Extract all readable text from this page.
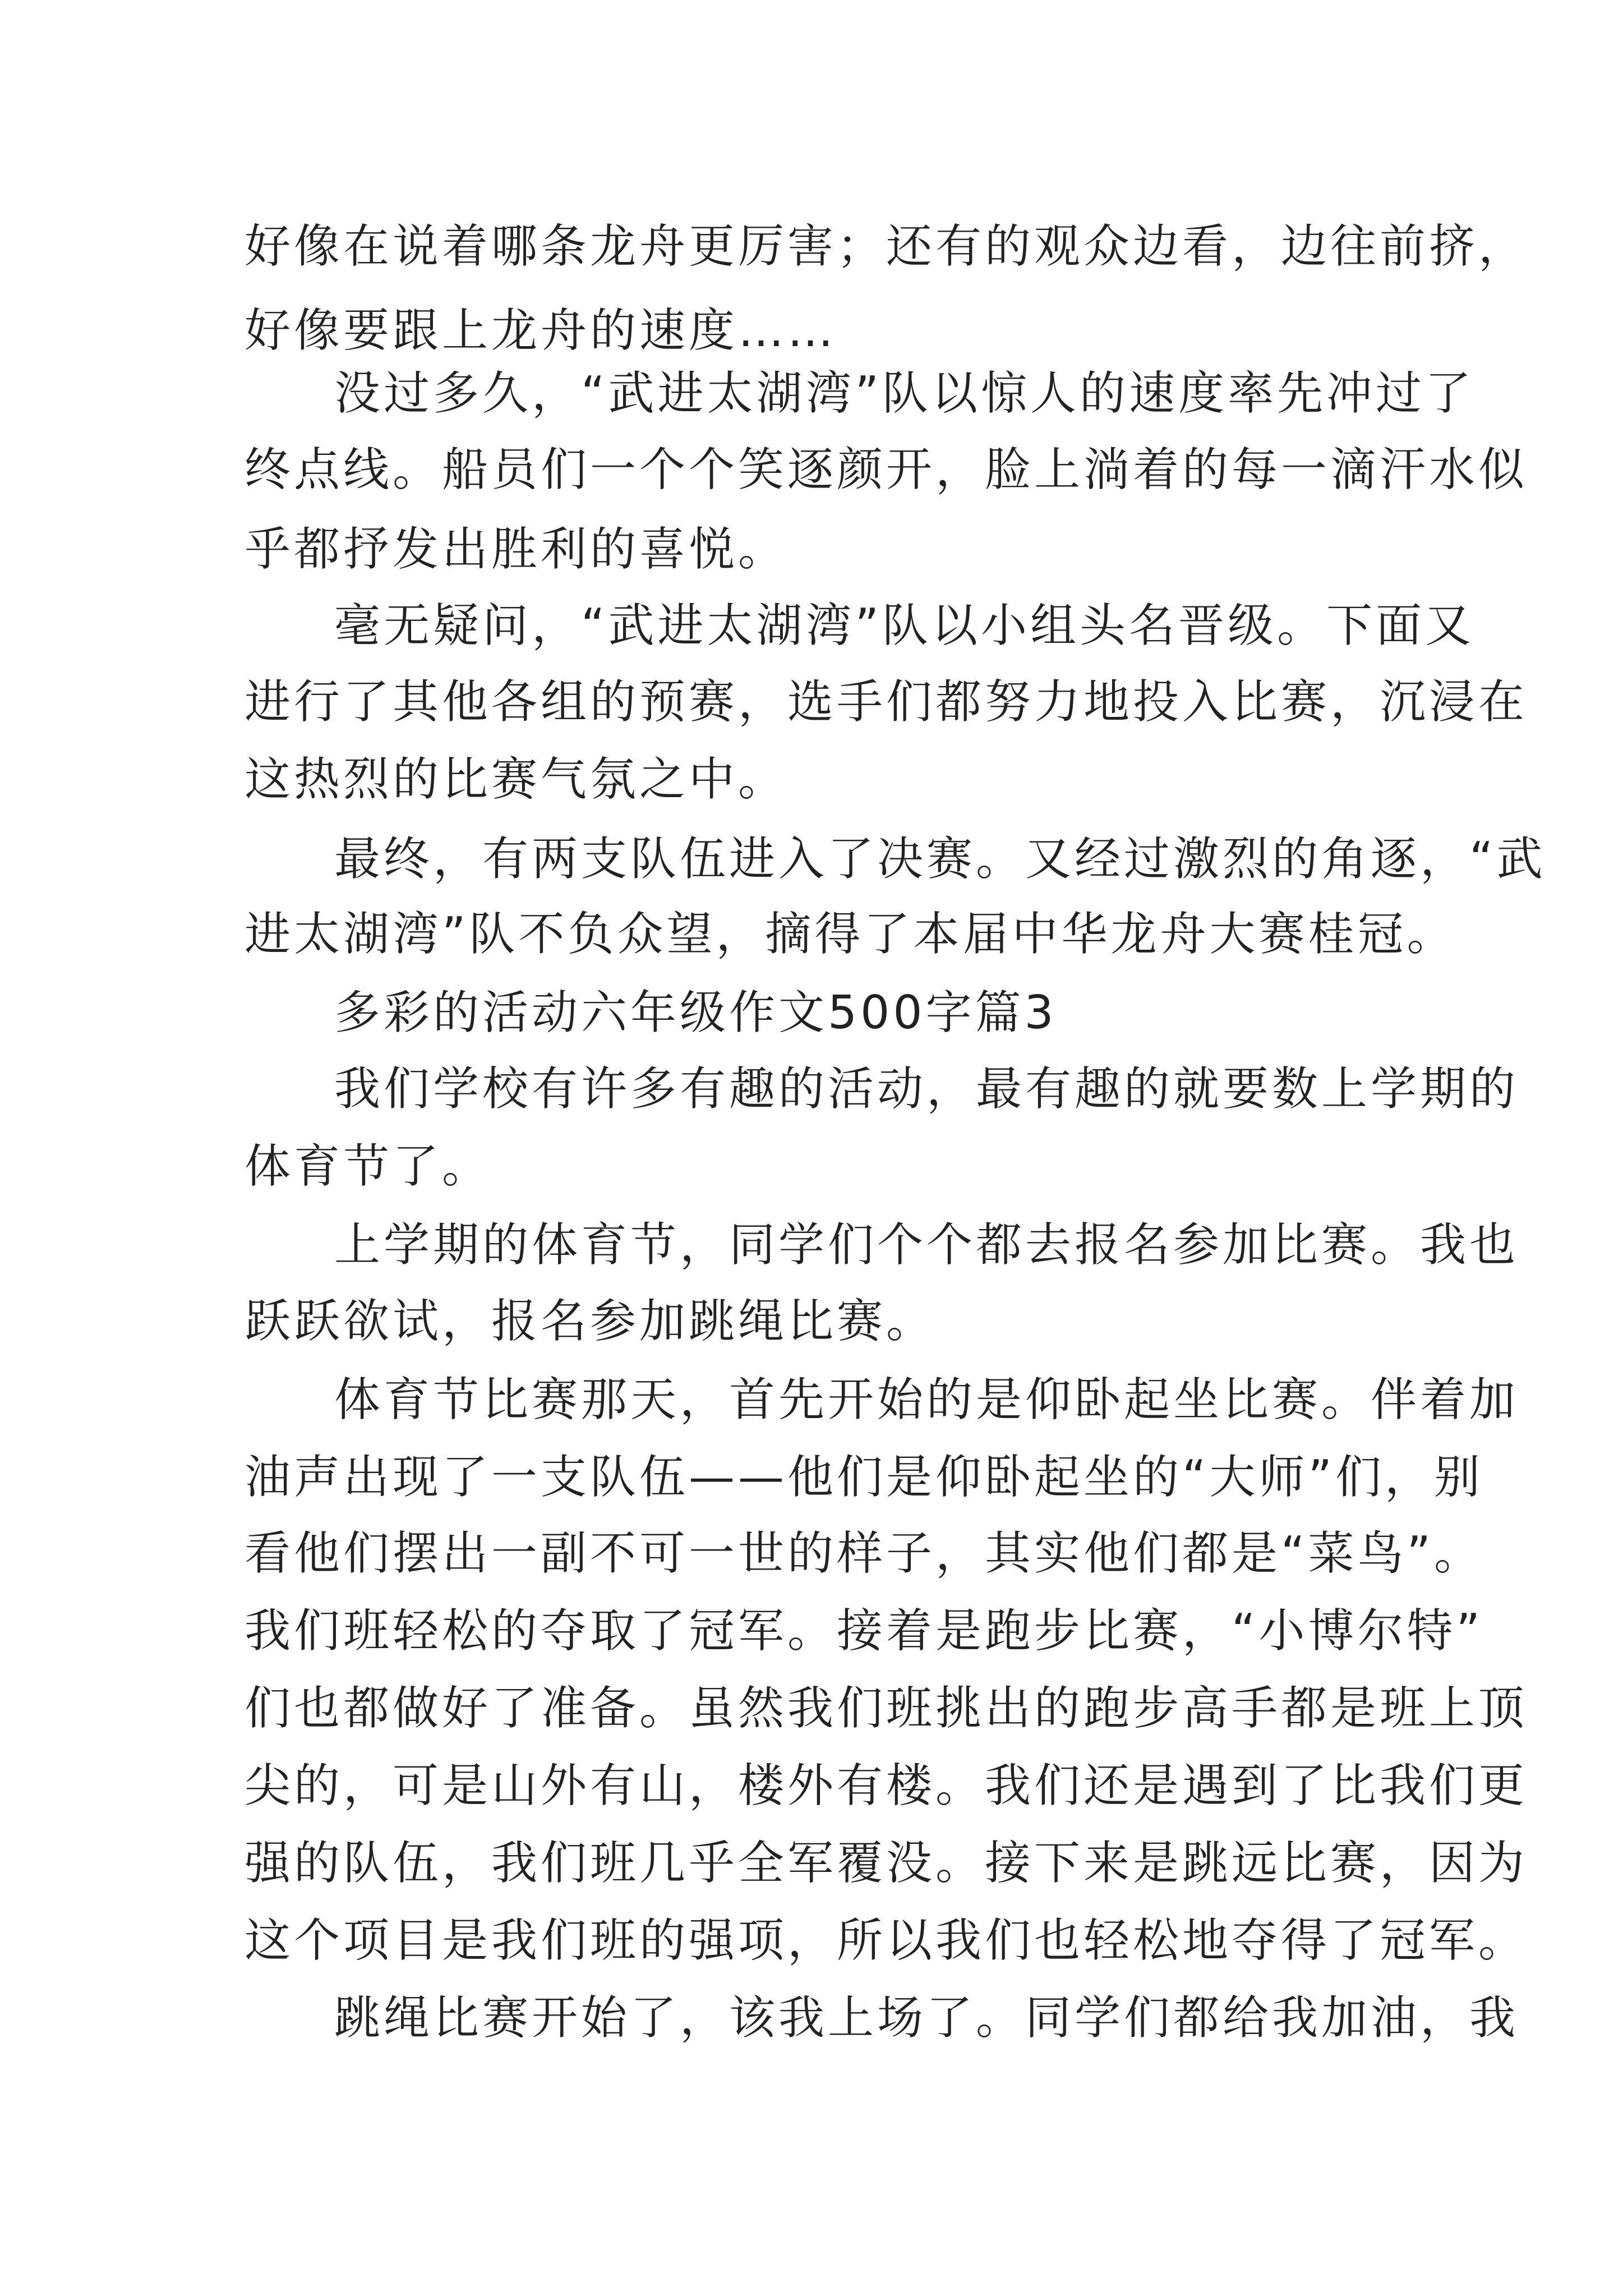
好像在说着哪条龙舟更厉害；还有的观众边看，边往前挤，
好像要跟上龙舟的速度……
没过多久，“武进太湖湾”队以惊人的速度率先冲过了
终点线。船员们一个个笑逐颜开，脸上淌着的每一滴汗水似
乎都抒发出胜利的喜悦。
毫无疑问，“武进太湖湾”队以小组头名晋级。下面又
进行了其他各组的预赛，选手们都努力地投入比赛，沉浸在
这热烈的比赛气氛之中。
最终，有两支队伍进入了决赛。又经过激烈的角逐，“武
进太湖湾”队不负众望，摘得了本届中华龙舟大赛桂冠。
多彩的活动六年级作文500字篇3
我们学校有许多有趣的活动，最有趣的就要数上学期的
体育节了。
上学期的体育节，同学们个个都去报名参加比赛。我也
跃跃欲试，报名参加跳绳比赛。
体育节比赛那天，首先开始的是仰卧起坐比赛。伴着加
油声出现了一支队伍——他们是仰卧起坐的“大师”们，别
看他们摆出一副不可一世的样子，其实他们都是“菜鸟”。
我们班轻松的夺取了冠军。接着是跑步比赛，“小博尔特”
们也都做好了准备。虽然我们班挑出的跑步高手都是班上顶
尖的，可是山外有山，楼外有楼。我们还是遇到了比我们更
强的队伍，我们班几乎全军覆没。接下来是跳远比赛，因为
这个项目是我们班的强项，所以我们也轻松地夺得了冠军。
跳绳比赛开始了，该我上场了。同学们都给我加油，我
